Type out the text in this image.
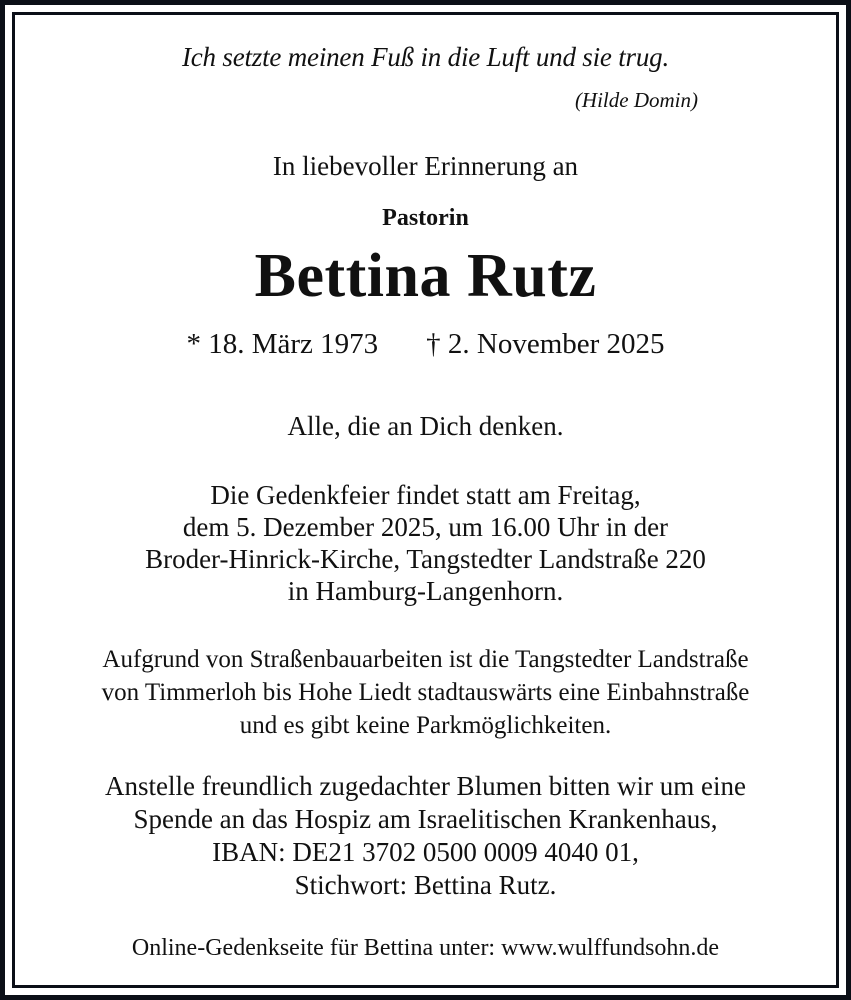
Ich setzte meinen Fuß in die Luft und sie trug.
(Hilde Domin)
In liebevoller Erinnerung an
Pastorin
Bettina Rutz
* 18. März 1973 † 2. November 2025
Alle, die an Dich denken.
Die Gedenkfeier findet statt am Freitag,
dem 5. Dezember 2025, um 16.00 Uhr in der
Broder-Hinrick-Kirche, Tangstedter Landstraße 220
in Hamburg-Langenhorn.
Aufgrund von Straßenbauarbeiten ist die Tangstedter Landstraße
von Timmerloh bis Hohe Liedt stadtauswärts eine Einbahnstraße
und es gibt keine Parkmöglichkeiten.
Anstelle freundlich zugedachter Blumen bitten wir um eine
Spende an das Hospiz am Israelitischen Krankenhaus,
IBAN: DE21 3702 0500 0009 4040 01,
Stichwort: Bettina Rutz.
Online-Gedenkseite für Bettina unter: www.wulffundsohn.de
